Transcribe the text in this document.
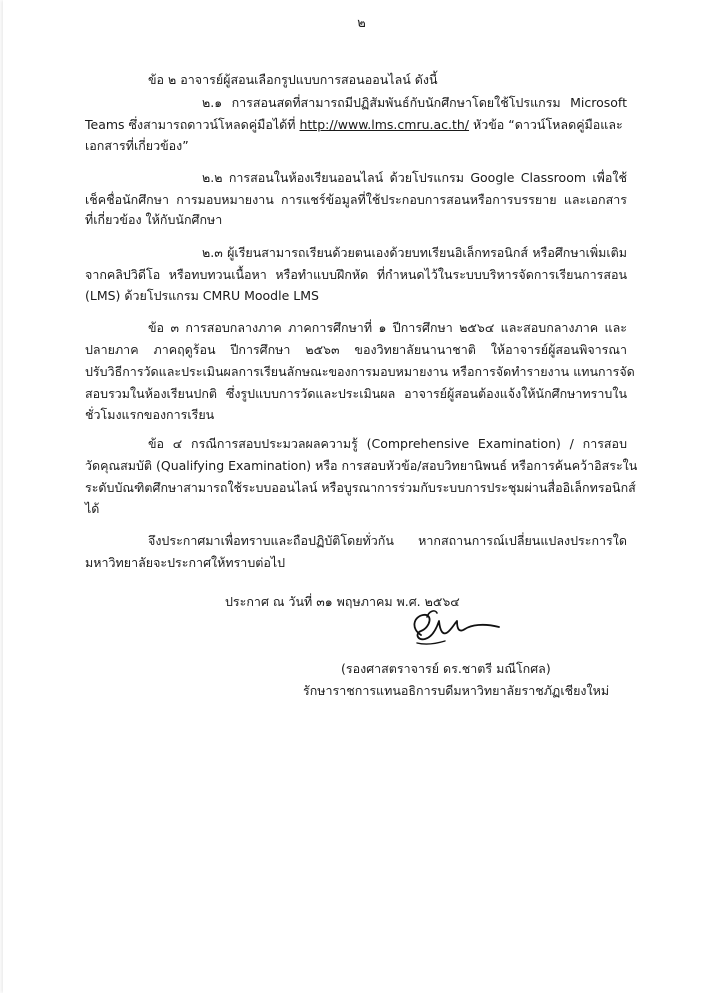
๒
ข้อ ๒ อาจารย์ผู้สอนเลือกรูปแบบการสอนออนไลน์ ดังนี้
๒.๑ การสอนสดที่สามารถมีปฏิสัมพันธ์กับนักศึกษาโดยใช้โปรแกรม Microsoft
Teams ซึ่งสามารถดาวน์โหลดคู่มือได้ที่ http://www.lms.cmru.ac.th/ หัวข้อ “ดาวน์โหลดคู่มือและ
เอกสารที่เกี่ยวข้อง”
๒.๒ การสอนในห้องเรียนออนไลน์ ด้วยโปรแกรม Google Classroom เพื่อใช้
เช็คชื่อนักศึกษา การมอบหมายงาน การแชร์ข้อมูลที่ใช้ประกอบการสอนหรือการบรรยาย และเอกสาร
ที่เกี่ยวข้อง ให้กับนักศึกษา
๒.๓ ผู้เรียนสามารถเรียนด้วยตนเองด้วยบทเรียนอิเล็กทรอนิกส์ หรือศึกษาเพิ่มเติม
จากคลิปวิดีโอ หรือทบทวนเนื้อหา หรือทำแบบฝึกหัด ที่กำหนดไว้ในระบบบริหารจัดการเรียนการสอน
(LMS) ด้วยโปรแกรม CMRU Moodle LMS
ข้อ ๓ การสอบกลางภาค ภาคการศึกษาที่ ๑ ปีการศึกษา ๒๕๖๔ และสอบกลางภาค และ
ปลายภาค ภาคฤดูร้อน ปีการศึกษา ๒๕๖๓ ของวิทยาลัยนานาชาติ ให้อาจารย์ผู้สอนพิจารณา
ปรับวิธีการวัดและประเมินผลการเรียนลักษณะของการมอบหมายงาน หรือการจัดทำรายงาน แทนการจัด
สอบรวมในห้องเรียนปกติ ซึ่งรูปแบบการวัดและประเมินผล อาจารย์ผู้สอนต้องแจ้งให้นักศึกษาทราบใน
ชั่วโมงแรกของการเรียน
ข้อ ๔ กรณีการสอบประมวลผลความรู้ (Comprehensive Examination) / การสอบ
วัดคุณสมบัติ (Qualifying Examination) หรือ การสอบหัวข้อ/สอบวิทยานิพนธ์ หรือการค้นคว้าอิสระใน
ระดับบัณฑิตศึกษาสามารถใช้ระบบออนไลน์ หรือบูรณาการร่วมกับระบบการประชุมผ่านสื่ออิเล็กทรอนิกส์
ได้
จึงประกาศมาเพื่อทราบและถือปฏิบัติโดยทั่วกัน หากสถานการณ์เปลี่ยนแปลงประการใด
มหาวิทยาลัยจะประกาศให้ทราบต่อไป
ประกาศ ณ วันที่ ๓๑ พฤษภาคม พ.ศ. ๒๕๖๔
(รองศาสตราจารย์ ดร.ชาตรี มณีโกศล)
รักษาราชการแทนอธิการบดีมหาวิทยาลัยราชภัฏเชียงใหม่
